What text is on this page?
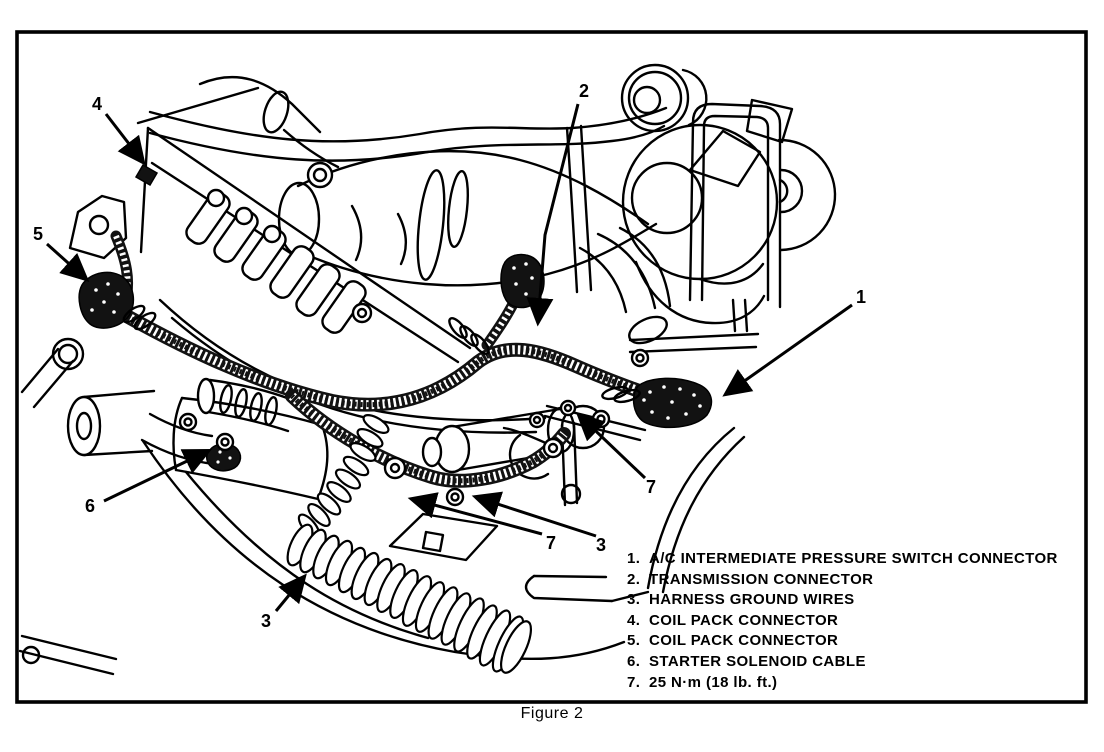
1
2
3
3
4
5
6
7
7
1. A/C INTERMEDIATE PRESSURE SWITCH CONNECTOR
2. TRANSMISSION CONNECTOR
3. HARNESS GROUND WIRES
4. COIL PACK CONNECTOR
5. COIL PACK CONNECTOR
6. STARTER SOLENOID CABLE
7. 25 N·m (18 lb. ft.)
Figure 2
